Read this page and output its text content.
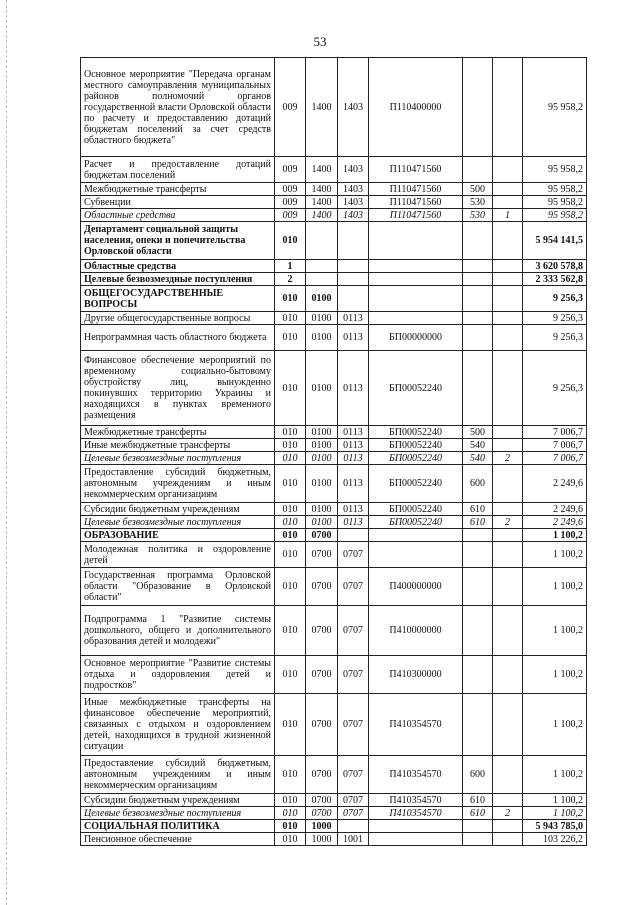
53
Основное мероприятие "Передача органам местного самоуправления муниципальных районов полномочий органов государственной власти Орловской области по расчету и предоставлению дотаций бюджетам поселений за счет средств областного бюджета"	009	1400	1403	П110400000			95 958,2
Расчет и предоставление дотаций бюджетам поселений	009	1400	1403	П110471560			95 958,2
Межбюджетные трансферты	009	1400	1403	П110471560	500		95 958,2
Субвенции	009	1400	1403	П110471560	530		95 958,2
Областные средства	009	1400	1403	П110471560	530	1	95 958,2
Департамент социальной защиты населения, опеки и попечительства Орловской области	010						5 954 141,5
Областные средства	1						3 620 578,8
Целевые безвозмездные поступления	2						2 333 562,8
ОБЩЕГОСУДАРСТВЕННЫЕ ВОПРОСЫ	010	0100					9 256,3
Другие общегосударственные вопросы	010	0100	0113				9 256,3
Непрограммная часть областного бюджета	010	0100	0113	БП00000000			9 256,3
Финансовое обеспечение мероприятий по временному социально-бытовому обустройству лиц, вынужденно покинувших территорию Украины и находящихся в пунктах временного размещения	010	0100	0113	БП00052240			9 256,3
Межбюджетные трансферты	010	0100	0113	БП00052240	500		7 006,7
Иные межбюджетные трансферты	010	0100	0113	БП00052240	540		7 006,7
Целевые безвозмездные поступления	010	0100	0113	БП00052240	540	2	7 006,7
Предоставление субсидий бюджетным, автономным учреждениям и иным некоммерческим организациям	010	0100	0113	БП00052240	600		2 249,6
Субсидии бюджетным учреждениям	010	0100	0113	БП00052240	610		2 249,6
Целевые безвозмездные поступления	010	0100	0113	БП00052240	610	2	2 249,6
ОБРАЗОВАНИЕ	010	0700					1 100,2
Молодежная политика и оздоровление детей	010	0700	0707				1 100,2
Государственная программа Орловской области "Образование в Орловской области"	010	0700	0707	П400000000			1 100,2
Подпрограмма 1 "Развитие системы дошкольного, общего и дополнительного образования детей и молодежи"	010	0700	0707	П410000000			1 100,2
Основное мероприятие "Развитие системы отдыха и оздоровления детей и подростков"	010	0700	0707	П410300000			1 100,2
Иные межбюджетные трансферты на финансовое обеспечение мероприятий, связанных с отдыхом и оздоровлением детей, находящихся в трудной жизненной ситуации	010	0700	0707	П410354570			1 100,2
Предоставление субсидий бюджетным, автономным учреждениям и иным некоммерческим организациям	010	0700	0707	П410354570	600		1 100,2
Субсидии бюджетным учреждениям	010	0700	0707	П410354570	610		1 100,2
Целевые безвозмездные поступления	010	0700	0707	П410354570	610	2	1 100,2
СОЦИАЛЬНАЯ ПОЛИТИКА	010	1000					5 943 785,0
Пенсионное обеспечение	010	1000	1001				103 226,2
